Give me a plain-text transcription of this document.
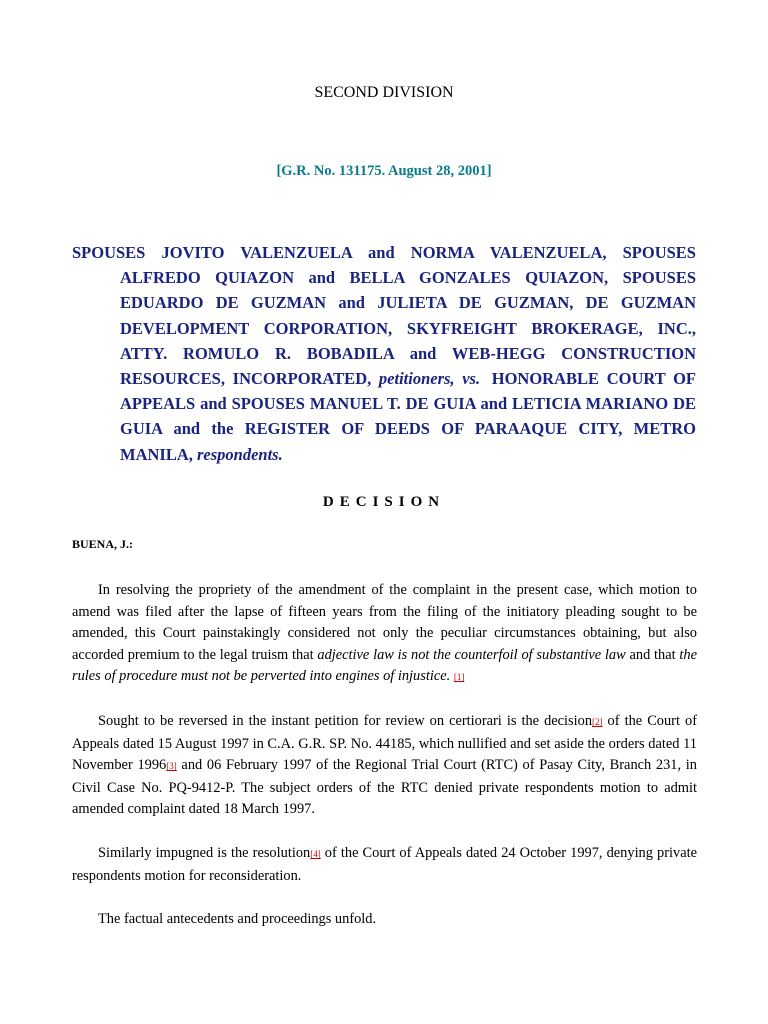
SECOND DIVISION
[G.R. No. 131175. August 28, 2001]
SPOUSES JOVITO VALENZUELA and NORMA VALENZUELA, SPOUSES ALFREDO QUIAZON and BELLA GONZALES QUIAZON, SPOUSES EDUARDO DE GUZMAN and JULIETA DE GUZMAN, DE GUZMAN DEVELOPMENT CORPORATION, SKYFREIGHT BROKERAGE, INC., ATTY. ROMULO R. BOBADILA and WEB-HEGG CONSTRUCTION RESOURCES, INCORPORATED, petitioners, vs. HONORABLE COURT OF APPEALS and SPOUSES MANUEL T. DE GUIA and LETICIA MARIANO DE GUIA and the REGISTER OF DEEDS OF PARAAQUE CITY, METRO MANILA, respondents.
DECISION
BUENA, J.:

In resolving the propriety of the amendment of the complaint in the present case, which motion to amend was filed after the lapse of fifteen years from the filing of the initiatory pleading sought to be amended, this Court painstakingly considered not only the peculiar circumstances obtaining, but also accorded premium to the legal truism that adjective law is not the counterfoil of substantive law and that the rules of procedure must not be perverted into engines of injustice. [1]

Sought to be reversed in the instant petition for review on certiorari is the decision[2] of the Court of Appeals dated 15 August 1997 in C.A. G.R. SP. No. 44185, which nullified and set aside the orders dated 11 November 1996[3] and 06 February 1997 of the Regional Trial Court (RTC) of Pasay City, Branch 231, in Civil Case No. PQ-9412-P. The subject orders of the RTC denied private respondents motion to admit amended complaint dated 18 March 1997.

Similarly impugned is the resolution[4] of the Court of Appeals dated 24 October 1997, denying private respondents motion for reconsideration.

The factual antecedents and proceedings unfold.
